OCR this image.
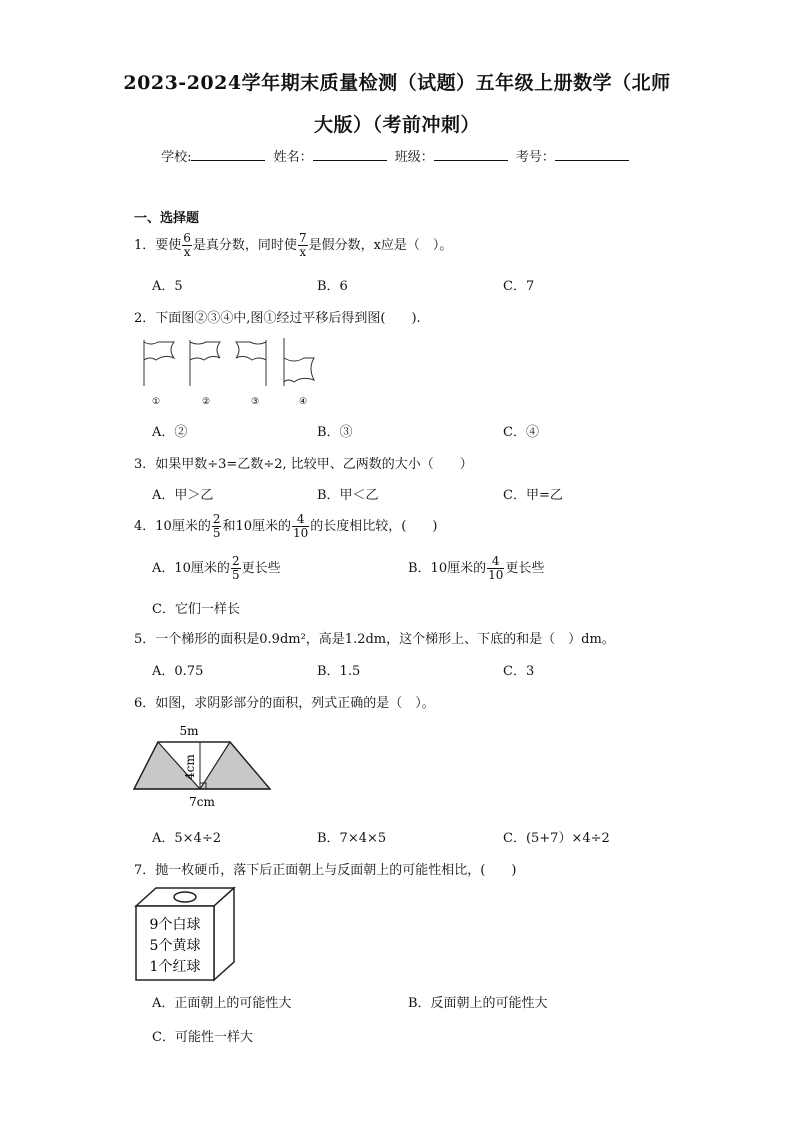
2023-2024学年期末质量检测（试题）五年级上册数学（北师
大版）（考前冲刺）
学校:	姓名：	班级：	考号：
一、选择题
1．要使 $\frac{6}{x}$ 是真分数，同时使 $\frac{7}{x}$ 是假分数，x应是（　）。
A．5	B．6	C．7
2．下面图②③④中,图①经过平移后得到图(　　).
①	②	③	④
A．②	B．③	C．④
3．如果甲数÷3=乙数÷2, 比较甲、乙两数的大小（　　）
A．甲＞乙	B．甲＜乙	C．甲=乙
4．10厘米的 $\frac{2}{5}$ 和10厘米的 $\frac{4}{10}$ 的长度相比较，(　　)
A．10厘米的 $\frac{2}{5}$ 更长些	B．10厘米的 $\frac{4}{10}$ 更长些
C．它们一样长
5．一个梯形的面积是0.9dm²，高是1.2dm，这个梯形上、下底的和是（　）dm。
A．0.75	B．1.5	C．3
6．如图，求阴影部分的面积，列式正确的是（　）。
5m
4cm
7cm
A．5×4÷2	B．7×4×5	C．(5+7）×4÷2
7．抛一枚硬币，落下后正面朝上与反面朝上的可能性相比，(　　)
9个白球
5个黄球
1个红球
A．正面朝上的可能性大	B．反面朝上的可能性大
C．可能性一样大
